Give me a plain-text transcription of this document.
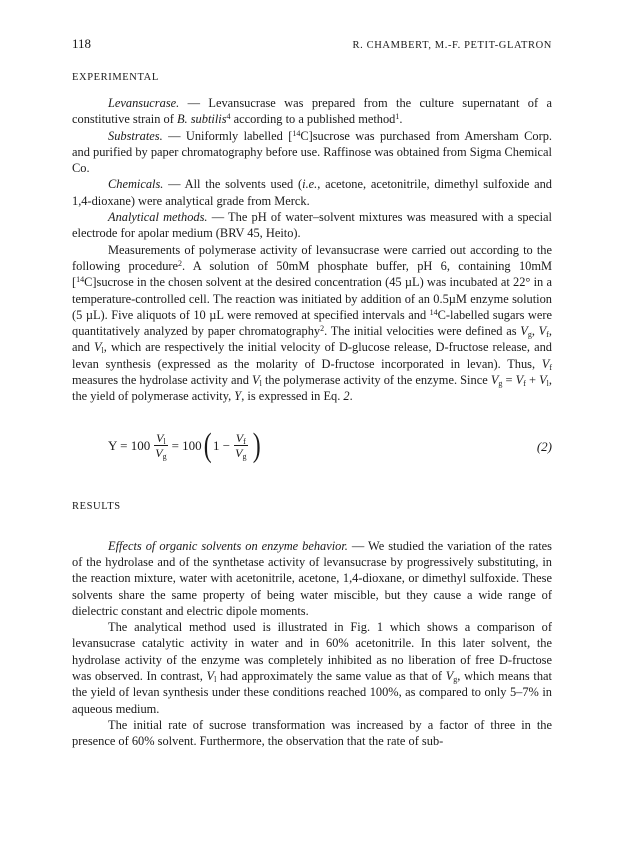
118	R. CHAMBERT, M.-F. PETIT-GLATRON
EXPERIMENTAL

Levansucrase. — Levansucrase was prepared from the culture supernatant of a constitutive strain of B. subtilis$^4$ according to a published method$^1$.

Substrates. — Uniformly labelled [$^{14}$C]sucrose was purchased from Amersham Corp. and purified by paper chromatography before use. Raffinose was obtained from Sigma Chemical Co.

Chemicals. — All the solvents used (i.e., acetone, acetonitrile, dimethyl sulfoxide and 1,4-dioxane) were analytical grade from Merck.

Analytical methods. — The pH of water–solvent mixtures was measured with a special electrode for apolar medium (BRV 45, Heito).

Measurements of polymerase activity of levansucrase were carried out according to the following procedure$^2$. A solution of 50mM phosphate buffer, pH 6, containing 10mM [$^{14}$C]sucrose in the chosen solvent at the desired concentration (45 µL) was incubated at 22° in a temperature-controlled cell. The reaction was initiated by addition of an 0.5µM enzyme solution (5 µL). Five aliquots of 10 µL were removed at specified intervals and $^{14}$C-labelled sugars were quantitatively analyzed by paper chromatography$^2$. The initial velocities were defined as $V_g$, $V_f$, and $V_l$, which are respectively the initial velocity of D-glucose release, D-fructose release, and levan synthesis (expressed as the molarity of D-fructose incorporated in levan). Thus, $V_f$ measures the hydrolase activity and $V_l$ the polymerase activity of the enzyme. Since $V_g = V_f + V_l$, the yield of polymerase activity, Y, is expressed in Eq. 2.

$Y = 100 \frac{V_l}{V_g} = 100$ ( $1 - \frac{V_f}{V_g}$ )	(2)
RESULTS

Effects of organic solvents on enzyme behavior. — We studied the variation of the rates of the hydrolase and of the synthetase activity of levansucrase by progressively substituting, in the reaction mixture, water with acetonitrile, acetone, 1,4-dioxane, or dimethyl sulfoxide. These solvents share the same property of being water miscible, but they cause a wide range of dielectric constant and electric dipole moments.

The analytical method used is illustrated in Fig. 1 which shows a comparison of levansucrase catalytic activity in water and in 60% acetonitrile. In this later solvent, the hydrolase activity of the enzyme was completely inhibited as no liberation of free D-fructose was observed. In contrast, $V_l$ had approximately the same value as that of $V_g$, which means that the yield of levan synthesis under these conditions reached 100%, as compared to only 5–7% in aqueous medium.

The initial rate of sucrose transformation was increased by a factor of three in the presence of 60% solvent. Furthermore, the observation that the rate of sub-
